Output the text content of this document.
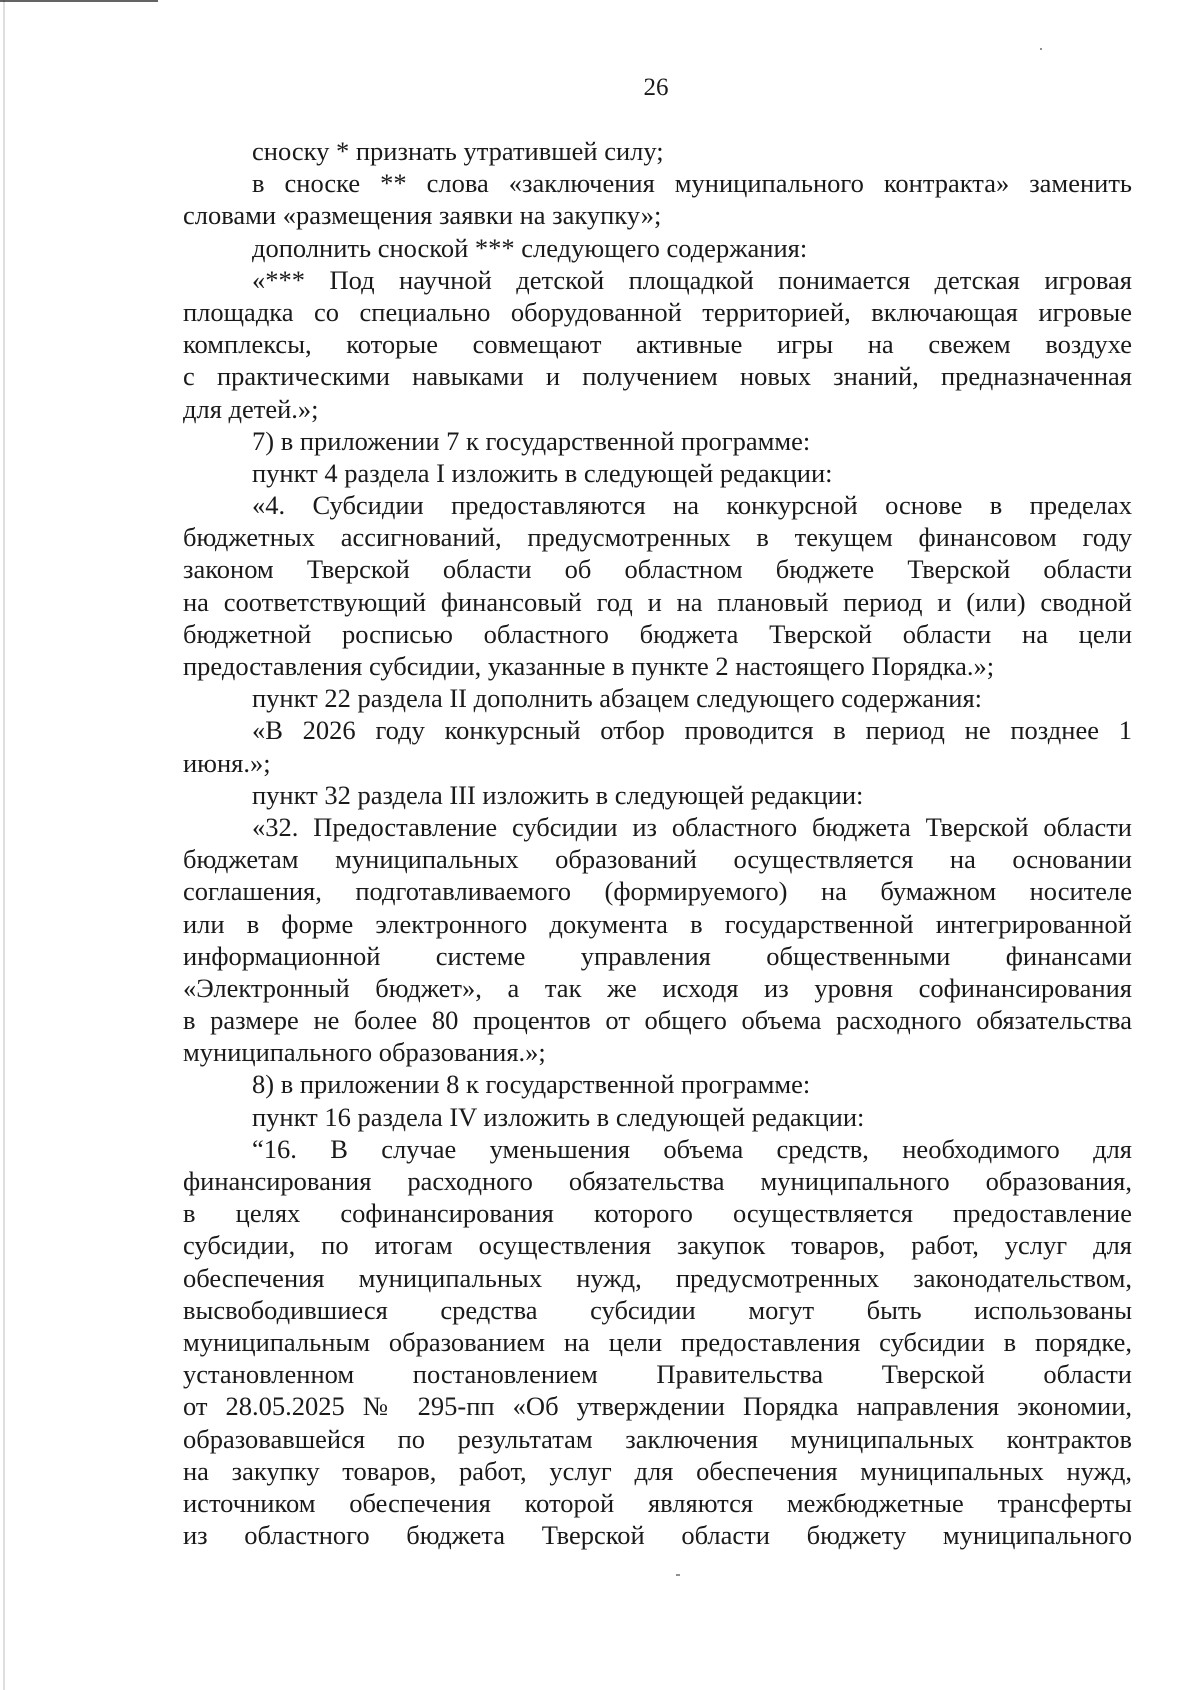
26
сноску * признать утратившей силу;
в сноске ** слова «заключения муниципального контракта» заменить
словами «размещения заявки на закупку»;
дополнить сноской *** следующего содержания:
«*** Под научной детской площадкой понимается детская игровая
площадка со специально оборудованной территорией, включающая игровые
комплексы, которые совмещают активные игры на свежем воздухе
с практическими навыками и получением новых знаний, предназначенная
для детей.»;
7) в приложении 7 к государственной программе:
пункт 4 раздела I изложить в следующей редакции:
«4. Субсидии предоставляются на конкурсной основе в пределах
бюджетных ассигнований, предусмотренных в текущем финансовом году
законом Тверской области об областном бюджете Тверской области
на соответствующий финансовый год и на плановый период и (или) сводной
бюджетной росписью областного бюджета Тверской области на цели
предоставления субсидии, указанные в пункте 2 настоящего Порядка.»;
пункт 22 раздела II дополнить абзацем следующего содержания:
«В 2026 году конкурсный отбор проводится в период не позднее 1
июня.»;
пункт 32 раздела III изложить в следующей редакции:
«32. Предоставление субсидии из областного бюджета Тверской области
бюджетам муниципальных образований осуществляется на основании
соглашения, подготавливаемого (формируемого) на бумажном носителе
или в форме электронного документа в государственной интегрированной
информационной системе управления общественными финансами
«Электронный бюджет», а так же исходя из уровня софинансирования
в размере не более 80 процентов от общего объема расходного обязательства
муниципального образования.»;
8) в приложении 8 к государственной программе:
пункт 16 раздела IV изложить в следующей редакции:
“16. В случае уменьшения объема средств, необходимого для
финансирования расходного обязательства муниципального образования,
в целях софинансирования которого осуществляется предоставление
субсидии, по итогам осуществления закупок товаров, работ, услуг для
обеспечения муниципальных нужд, предусмотренных законодательством,
высвободившиеся средства субсидии могут быть использованы
муниципальным образованием на цели предоставления субсидии в порядке,
установленном постановлением Правительства Тверской области
от 28.05.2025 № 295-пп «Об утверждении Порядка направления экономии,
образовавшейся по результатам заключения муниципальных контрактов
на закупку товаров, работ, услуг для обеспечения муниципальных нужд,
источником обеспечения которой являются межбюджетные трансферты
из областного бюджета Тверской области бюджету муниципального
